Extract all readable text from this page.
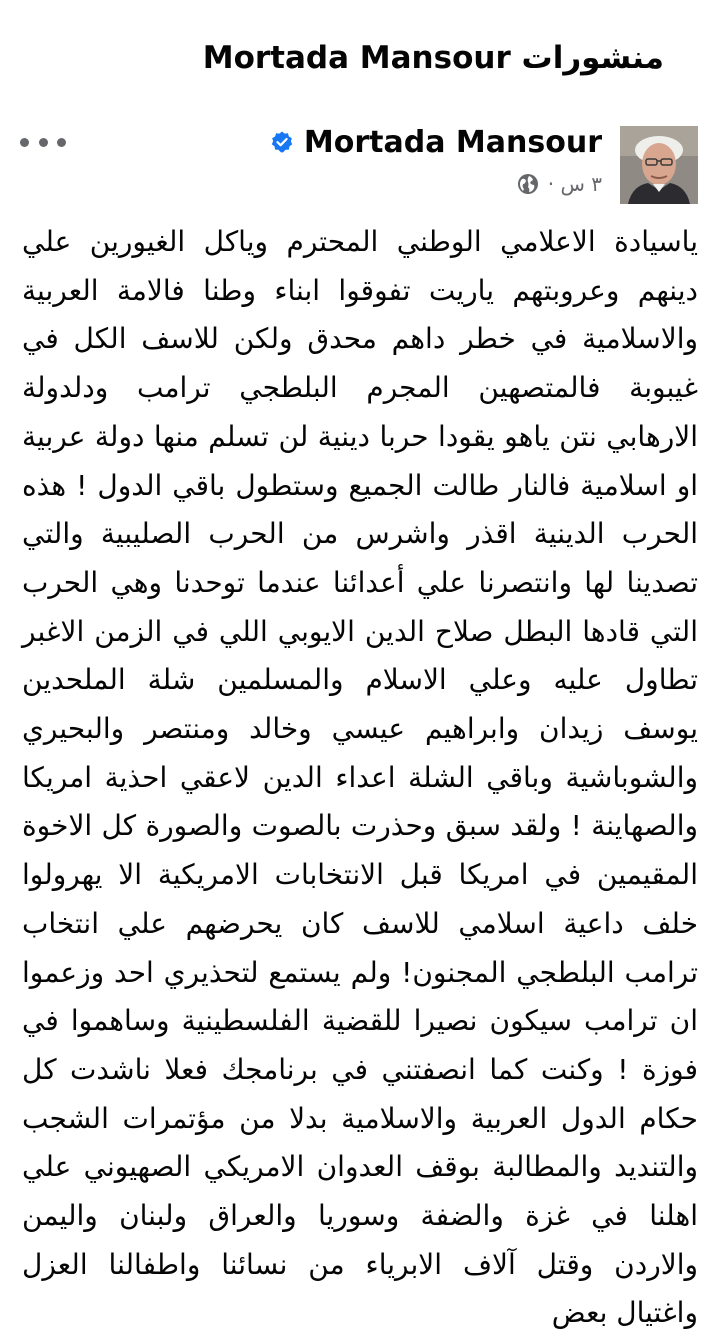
منشورات Mortada Mansour
Mortada Mansour
٣ س ·
ياسيادة الاعلامي الوطني المحترم وياكل الغيورين علي دينهم وعروبتهم ياريت تفوقوا ابناء وطنا فالامة العربية والاسلامية في خطر داهم محدق ولكن للاسف الكل في غيبوبة فالمتصهين المجرم البلطجي ترامب ودلدولة الارهابي نتن ياهو يقودا حربا دينية لن تسلم منها دولة عربية او اسلامية فالنار طالت الجميع وستطول باقي الدول ! هذه الحرب الدينية اقذر واشرس من الحرب الصليبية والتي تصدينا لها وانتصرنا علي أعدائنا عندما توحدنا وهي الحرب التي قادها البطل صلاح الدين الايوبي اللي في الزمن الاغبر تطاول عليه وعلي الاسلام والمسلمين شلة الملحدين يوسف زيدان وابراهيم عيسي وخالد ومنتصر والبحيري والشوباشية وباقي الشلة اعداء الدين لاعقي احذية امريكا والصهاينة ! ولقد سبق وحذرت بالصوت والصورة كل الاخوة المقيمين في امريكا قبل الانتخابات الامريكية الا يهرولوا خلف داعية اسلامي للاسف كان يحرضهم علي انتخاب ترامب البلطجي المجنون! ولم يستمع لتحذيري احد وزعموا ان ترامب سيكون نصيرا للقضية الفلسطينية وساهموا في فوزة ! وكنت كما انصفتني في برنامجك فعلا ناشدت كل حكام الدول العربية والاسلامية بدلا من مؤتمرات الشجب والتنديد والمطالبة بوقف العدوان الامريكي الصهيوني علي اهلنا في غزة والضفة وسوريا والعراق ولبنان واليمن والاردن وقتل آلاف الابرياء من نسائنا واطفالنا العزل واغتيال بعض
